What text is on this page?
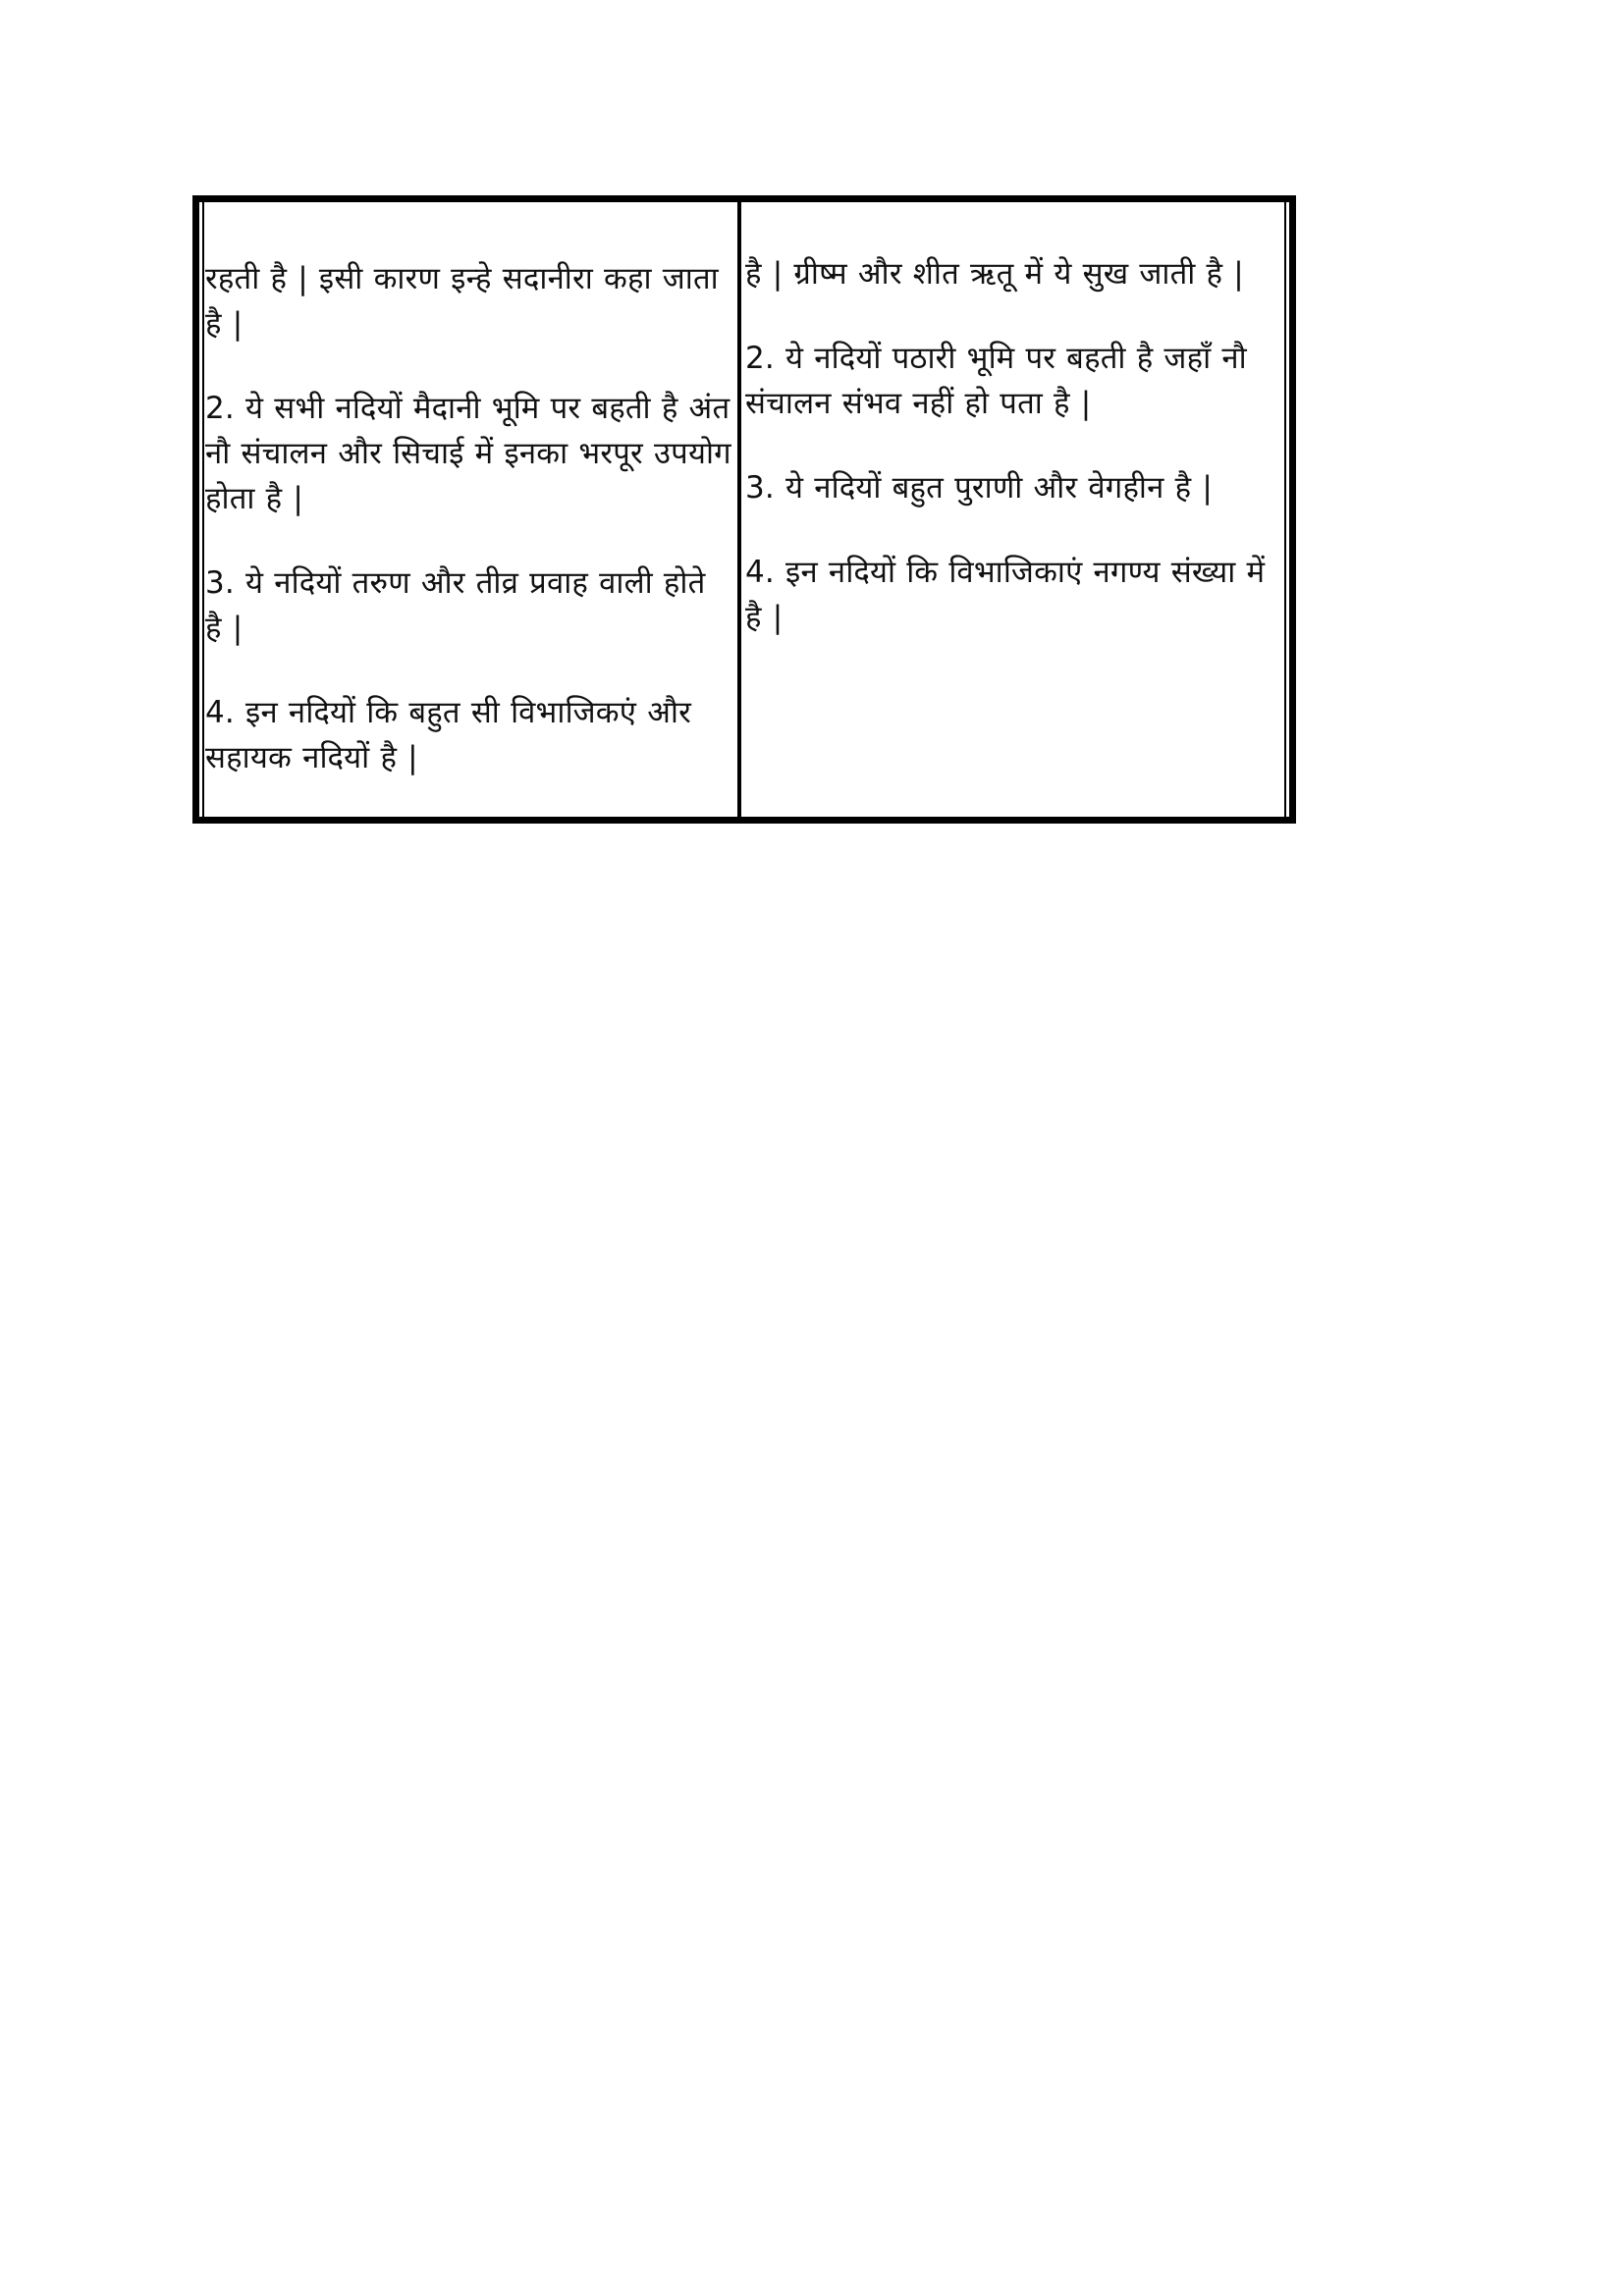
रहती है | इसी कारण इन्हे सदानीरा कहा जाता है |

2. ये सभी नदियों मैदानी भूमि पर बहती है अंत नौ संचालन और सिचाई में इनका भरपूर उपयोग होता है |

3. ये नदियों तरुण और तीव्र प्रवाह वाली होते है |

4. इन नदियों कि बहुत सी विभाजिकएं और सहायक नदियों है |

है | ग्रीष्म और शीत ऋतू में ये सुख जाती है |

2. ये नदियों पठारी भूमि पर बहती है जहाँ नौ संचालन संभव नहीं हो पता है |

3. ये नदियों बहुत पुराणी और वेगहीन है |

4. इन नदियों कि विभाजिकाएं नगण्य संख्या में है |
